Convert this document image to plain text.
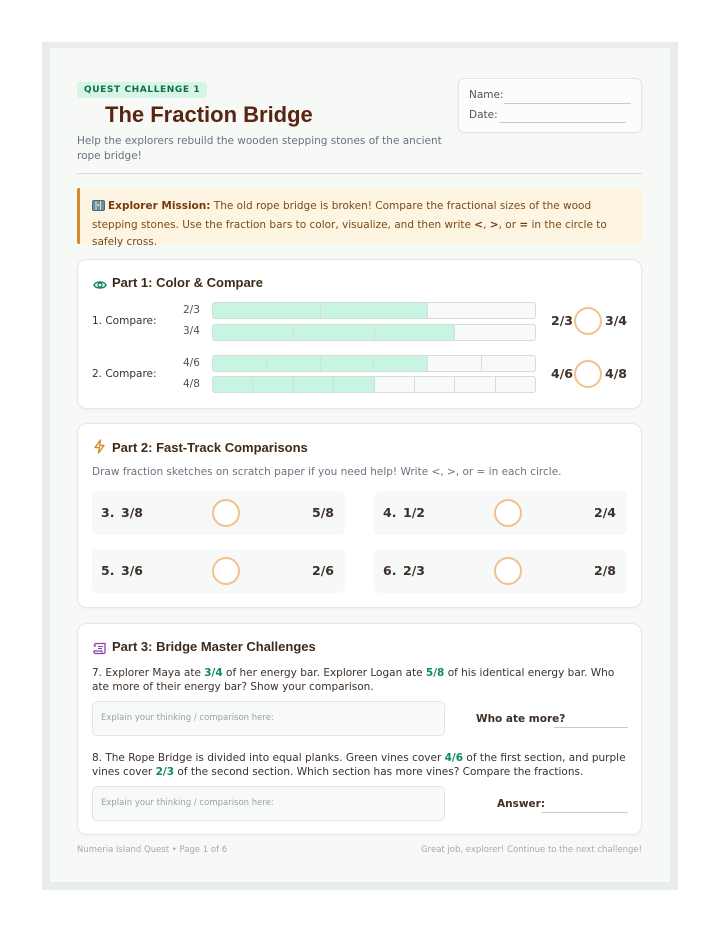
QUEST CHALLENGE 1
The Fraction Bridge
Help the explorers rebuild the wooden stepping stones of the ancient rope bridge!
Name:
Date:
Explorer Mission: The old rope bridge is broken! Compare the fractional sizes of the wood stepping stones. Use the fraction bars to color, visualize, and then write <, >, or = in the circle to safely cross.
Part 1: Color & Compare
1. Compare:
2/3
3/4
2/3	3/4
2. Compare:
4/6
4/8
4/6	4/8
Part 2: Fast-Track Comparisons
Draw fraction sketches on scratch paper if you need help! Write <, >, or = in each circle.
3. 3/8	5/8	4. 1/2	2/4
5. 3/6	2/6	6. 2/3	2/8
Part 3: Bridge Master Challenges
7. Explorer Maya ate 3/4 of her energy bar. Explorer Logan ate 5/8 of his identical energy bar. Who ate more of their energy bar? Show your comparison.
Explain your thinking / comparison here:	Who ate more?
8. The Rope Bridge is divided into equal planks. Green vines cover 4/6 of the first section, and purple vines cover 2/3 of the second section. Which section has more vines? Compare the fractions.
Explain your thinking / comparison here:	Answer:
Numeria Island Quest • Page 1 of 6	Great job, explorer! Continue to the next challenge!
